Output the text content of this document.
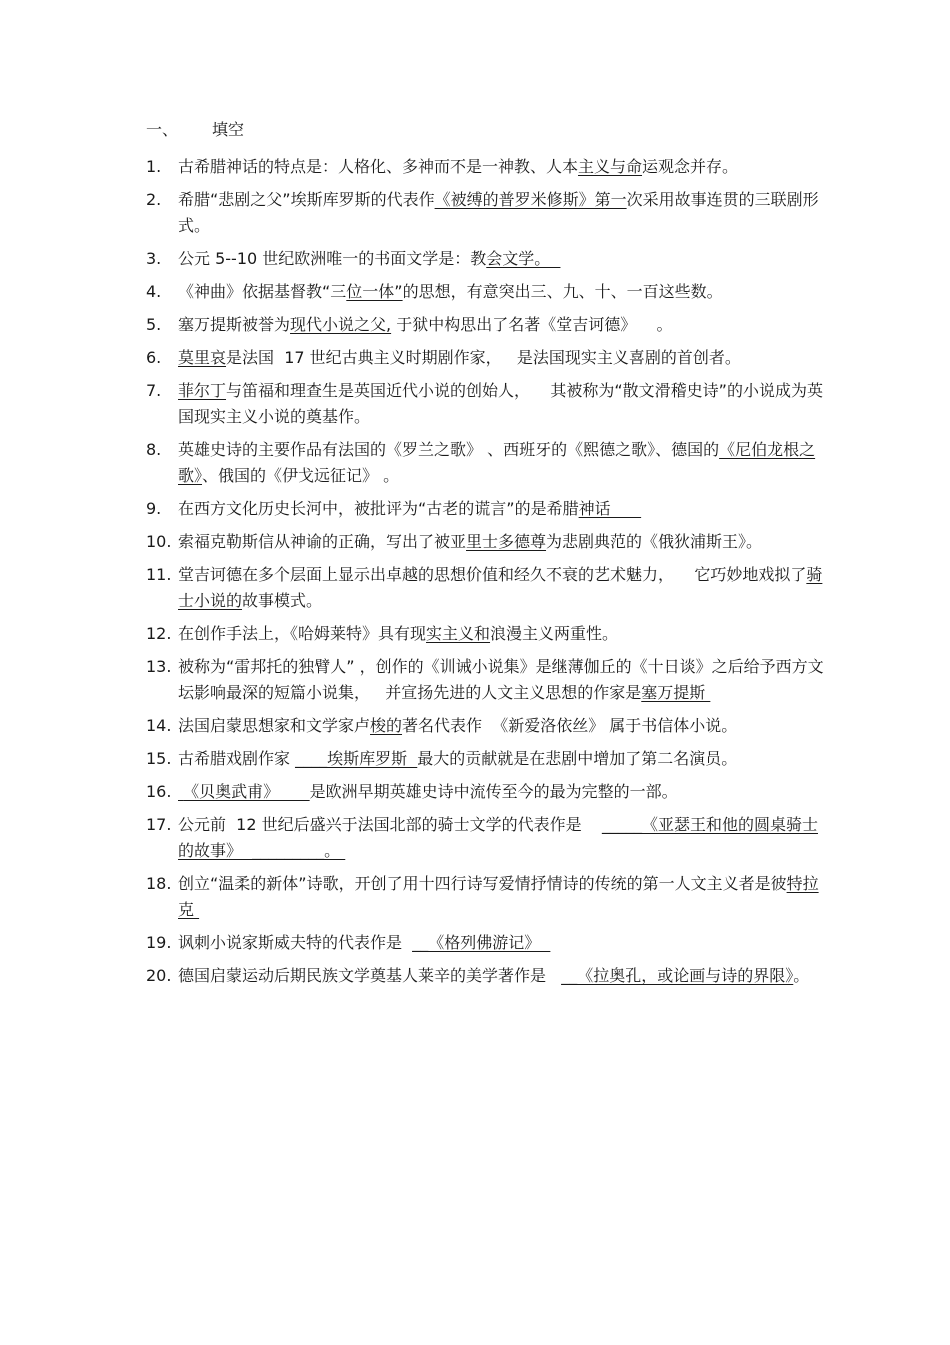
一、 填空
1.	古希腊神话的特点是：人格化、多神而不是一神教、人本主义与命运观念并存。
2.	希腊“悲剧之父”埃斯库罗斯的代表作《被缚的普罗米修斯》第一次采用故事连贯的三联剧形式。
3.	公元 5--10 世纪欧洲唯一的书面文学是：教会文学。
4.	《神曲》依据基督教“三位一体”的思想，有意突出三、九、十、一百这些数。
5.	塞万提斯被誉为现代小说之父, 于狱中构思出了名著《堂吉诃德》    。
6.	莫里哀是法国  17 世纪古典主义时期剧作家，   是法国现实主义喜剧的首创者。
7.	菲尔丁与笛福和理查生是英国近代小说的创始人，    其被称为“散文滑稽史诗”的小说成为英国现实主义小说的奠基作。
8.	英雄史诗的主要作品有法国的《罗兰之歌》 、西班牙的《熙德之歌》、德国的《尼伯龙根之歌》、俄国的《伊戈远征记》 。
9.	在西方文化历史长河中，被批评为“古老的谎言”的是希腊神话
10. 索福克勒斯信从神谕的正确，写出了被亚里士多德尊为悲剧典范的《俄狄浦斯王》。
11. 堂吉诃德在多个层面上显示出卓越的思想价值和经久不衰的艺术魅力，    它巧妙地戏拟了骑士小说的故事模式。
12. 在创作手法上，《哈姆莱特》具有现实主义和浪漫主义两重性。
13. 被称为“雷邦托的独臂人” ，创作的《训诫小说集》是继薄伽丘的《十日谈》之后给予西方文坛影响最深的短篇小说集，   并宣扬先进的人文主义思想的作家是塞万提斯
14. 法国启蒙思想家和文学家卢梭的著名代表作  《新爱洛依丝》 属于书信体小说。
15. 古希腊戏剧作家 ____埃斯库罗斯  最大的贡献就是在悲剧中增加了第二名演员。
16. 《贝奥武甫》      是欧洲早期英雄史诗中流传至今的最为完整的一部。
17. 公元前  12 世纪后盛兴于法国北部的骑士文学的代表作是    _____《亚瑟王和他的圆桌骑士的故事》  _________。
18. 创立“温柔的新体”诗歌，开创了用十四行诗写爱情抒情诗的传统的第一人文主义者是彼特拉克
19. 讽刺小说家斯威夫特的代表作是  __《格列佛游记》
20. 德国启蒙运动后期民族文学奠基人莱辛的美学著作是   __《拉奥孔，或论画与诗的界限》。
